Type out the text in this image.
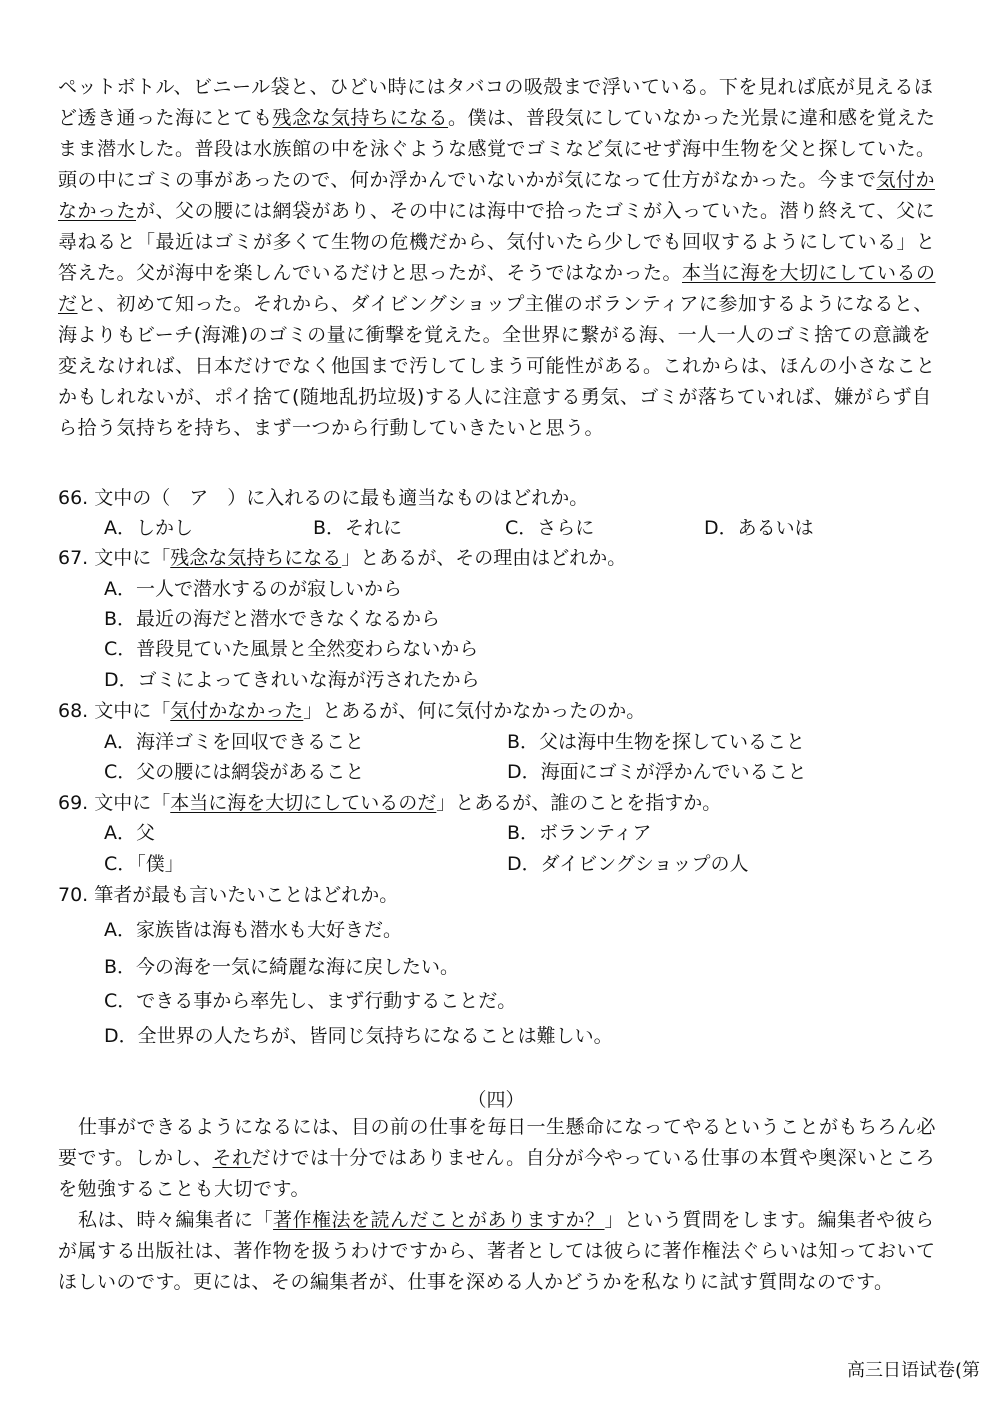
ペットボトル、ビニール袋と、ひどい時にはタバコの吸殻まで浮いている。下を見れば底が見えるほ
ど透き通った海にとても残念な気持ちになる。僕は、普段気にしていなかった光景に違和感を覚えた
まま潜水した。普段は水族館の中を泳ぐような感覚でゴミなど気にせず海中生物を父と探していた。
頭の中にゴミの事があったので、何か浮かんでいないかが気になって仕方がなかった。今まで気付か
なかったが、父の腰には網袋があり、その中には海中で拾ったゴミが入っていた。潜り終えて、父に
尋ねると「最近はゴミが多くて生物の危機だから、気付いたら少しでも回収するようにしている」と
答えた。父が海中を楽しんでいるだけと思ったが、そうではなかった。本当に海を大切にしているの
だと、初めて知った。それから、ダイビングショップ主催のボランティアに参加するようになると、
海よりもビーチ(海滩)のゴミの量に衝撃を覚えた。全世界に繋がる海、一人一人のゴミ捨ての意識を
変えなければ、日本だけでなく他国まで汚してしまう可能性がある。これからは、ほんの小さなこと
かもしれないが、ポイ捨て(随地乱扔垃圾)する人に注意する勇気、ゴミが落ちていれば、嫌がらず自
ら拾う気持ちを持ち、まず一つから行動していきたいと思う。
66. 文中の（　ア　）に入れるのに最も適当なものはどれか。
A．しかし	B．それに	C．さらに	D．あるいは
67. 文中に「残念な気持ちになる」とあるが、その理由はどれか。
A．一人で潜水するのが寂しいから
B．最近の海だと潜水できなくなるから
C．普段見ていた風景と全然変わらないから
D．ゴミによってきれいな海が汚されたから
68. 文中に「気付かなかった」とあるが、何に気付かなかったのか。
A．海洋ゴミを回収できること	B．父は海中生物を探していること
C．父の腰には網袋があること	D．海面にゴミが浮かんでいること
69. 文中に「本当に海を大切にしているのだ」とあるが、誰のことを指すか。
A．父	B．ボランティア
C．「僕」	D．ダイビングショップの人
70. 筆者が最も言いたいことはどれか。
A．家族皆は海も潜水も大好きだ。
B．今の海を一気に綺麗な海に戻したい。
C．できる事から率先し、まず行動することだ。
D．全世界の人たちが、皆同じ気持ちになることは難しい。
（四）
仕事ができるようになるには、目の前の仕事を毎日一生懸命になってやるということがもちろん必
要です。しかし、それだけでは十分ではありません。自分が今やっている仕事の本質や奥深いところ
を勉強することも大切です。
私は、時々編集者に「著作権法を読んだことがありますか？」という質問をします。編集者や彼ら
が属する出版社は、著作物を扱うわけですから、著者としては彼らに著作権法ぐらいは知っておいて
ほしいのです。更には、その編集者が、仕事を深める人かどうかを私なりに試す質問なのです。
高三日语试卷(第
